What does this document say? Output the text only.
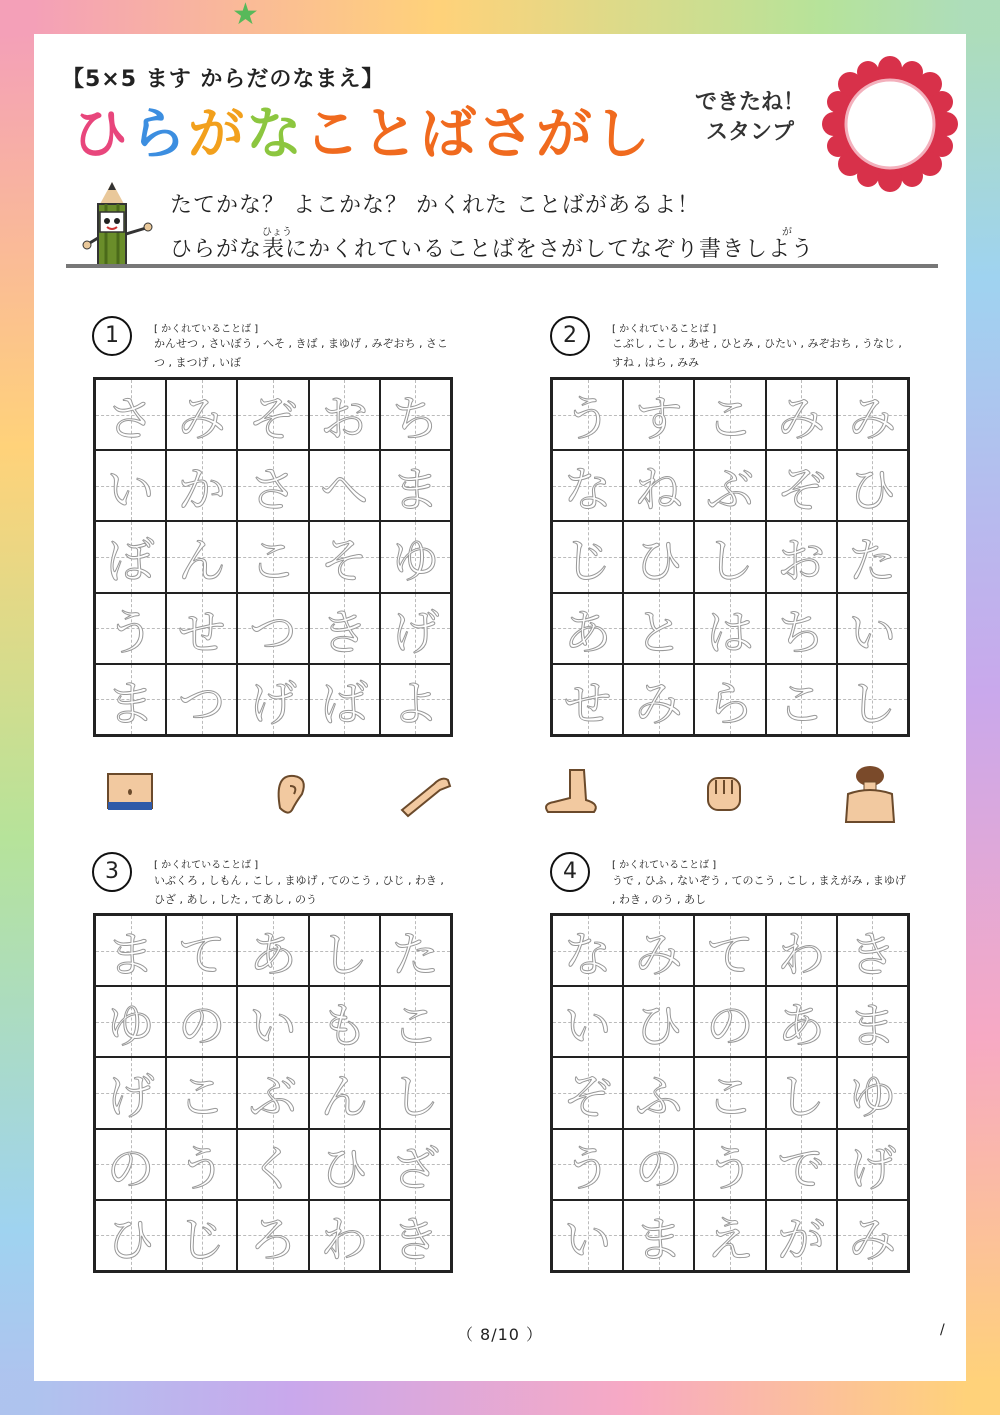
★
【5×5 ます からだのなまえ】
ひらがなことばさがし できたね！
スタンプ
たてかな？ よこかな？ かくれた ことばがあるよ！
ひょう	が
ひらがな表にかくれていることばをさがしてなぞり書きしよう
1	[ かくれていることば ]
かんせつ , さいぼう , へそ , きば , まゆげ , みぞおち , さこつ , まつげ , いぼ
さ み ぞ お ち
い か さ へ ま
ぼ ん こ そ ゆ
う せ つ き げ
ま つ げ ば よ
2	[ かくれていることば ]
こぶし , こし , あせ , ひとみ , ひたい , みぞおち , うなじ , すね , はら , みみ
う す こ み み
な ね ぶ ぞ ひ
じ ひ し お た
あ と は ち い
せ み ら こ し
3	[ かくれていることば ]
いぶくろ , しもん , こし , まゆげ , てのこう , ひじ , わき , ひざ , あし , した , てあし , のう
ま て あ し た
ゆ の い も こ
げ こ ぶ ん し
の う く ひ ざ
ひ じ ろ わ き
4	[ かくれていることば ]
うで , ひふ , ないぞう , てのこう , こし , まえがみ , まゆげ , わき , のう , あし
な み て わ き
い ひ の あ ま
ぞ ふ こ し ゆ
う の う で げ
い ま え が み
（ 8/10 ）	/
